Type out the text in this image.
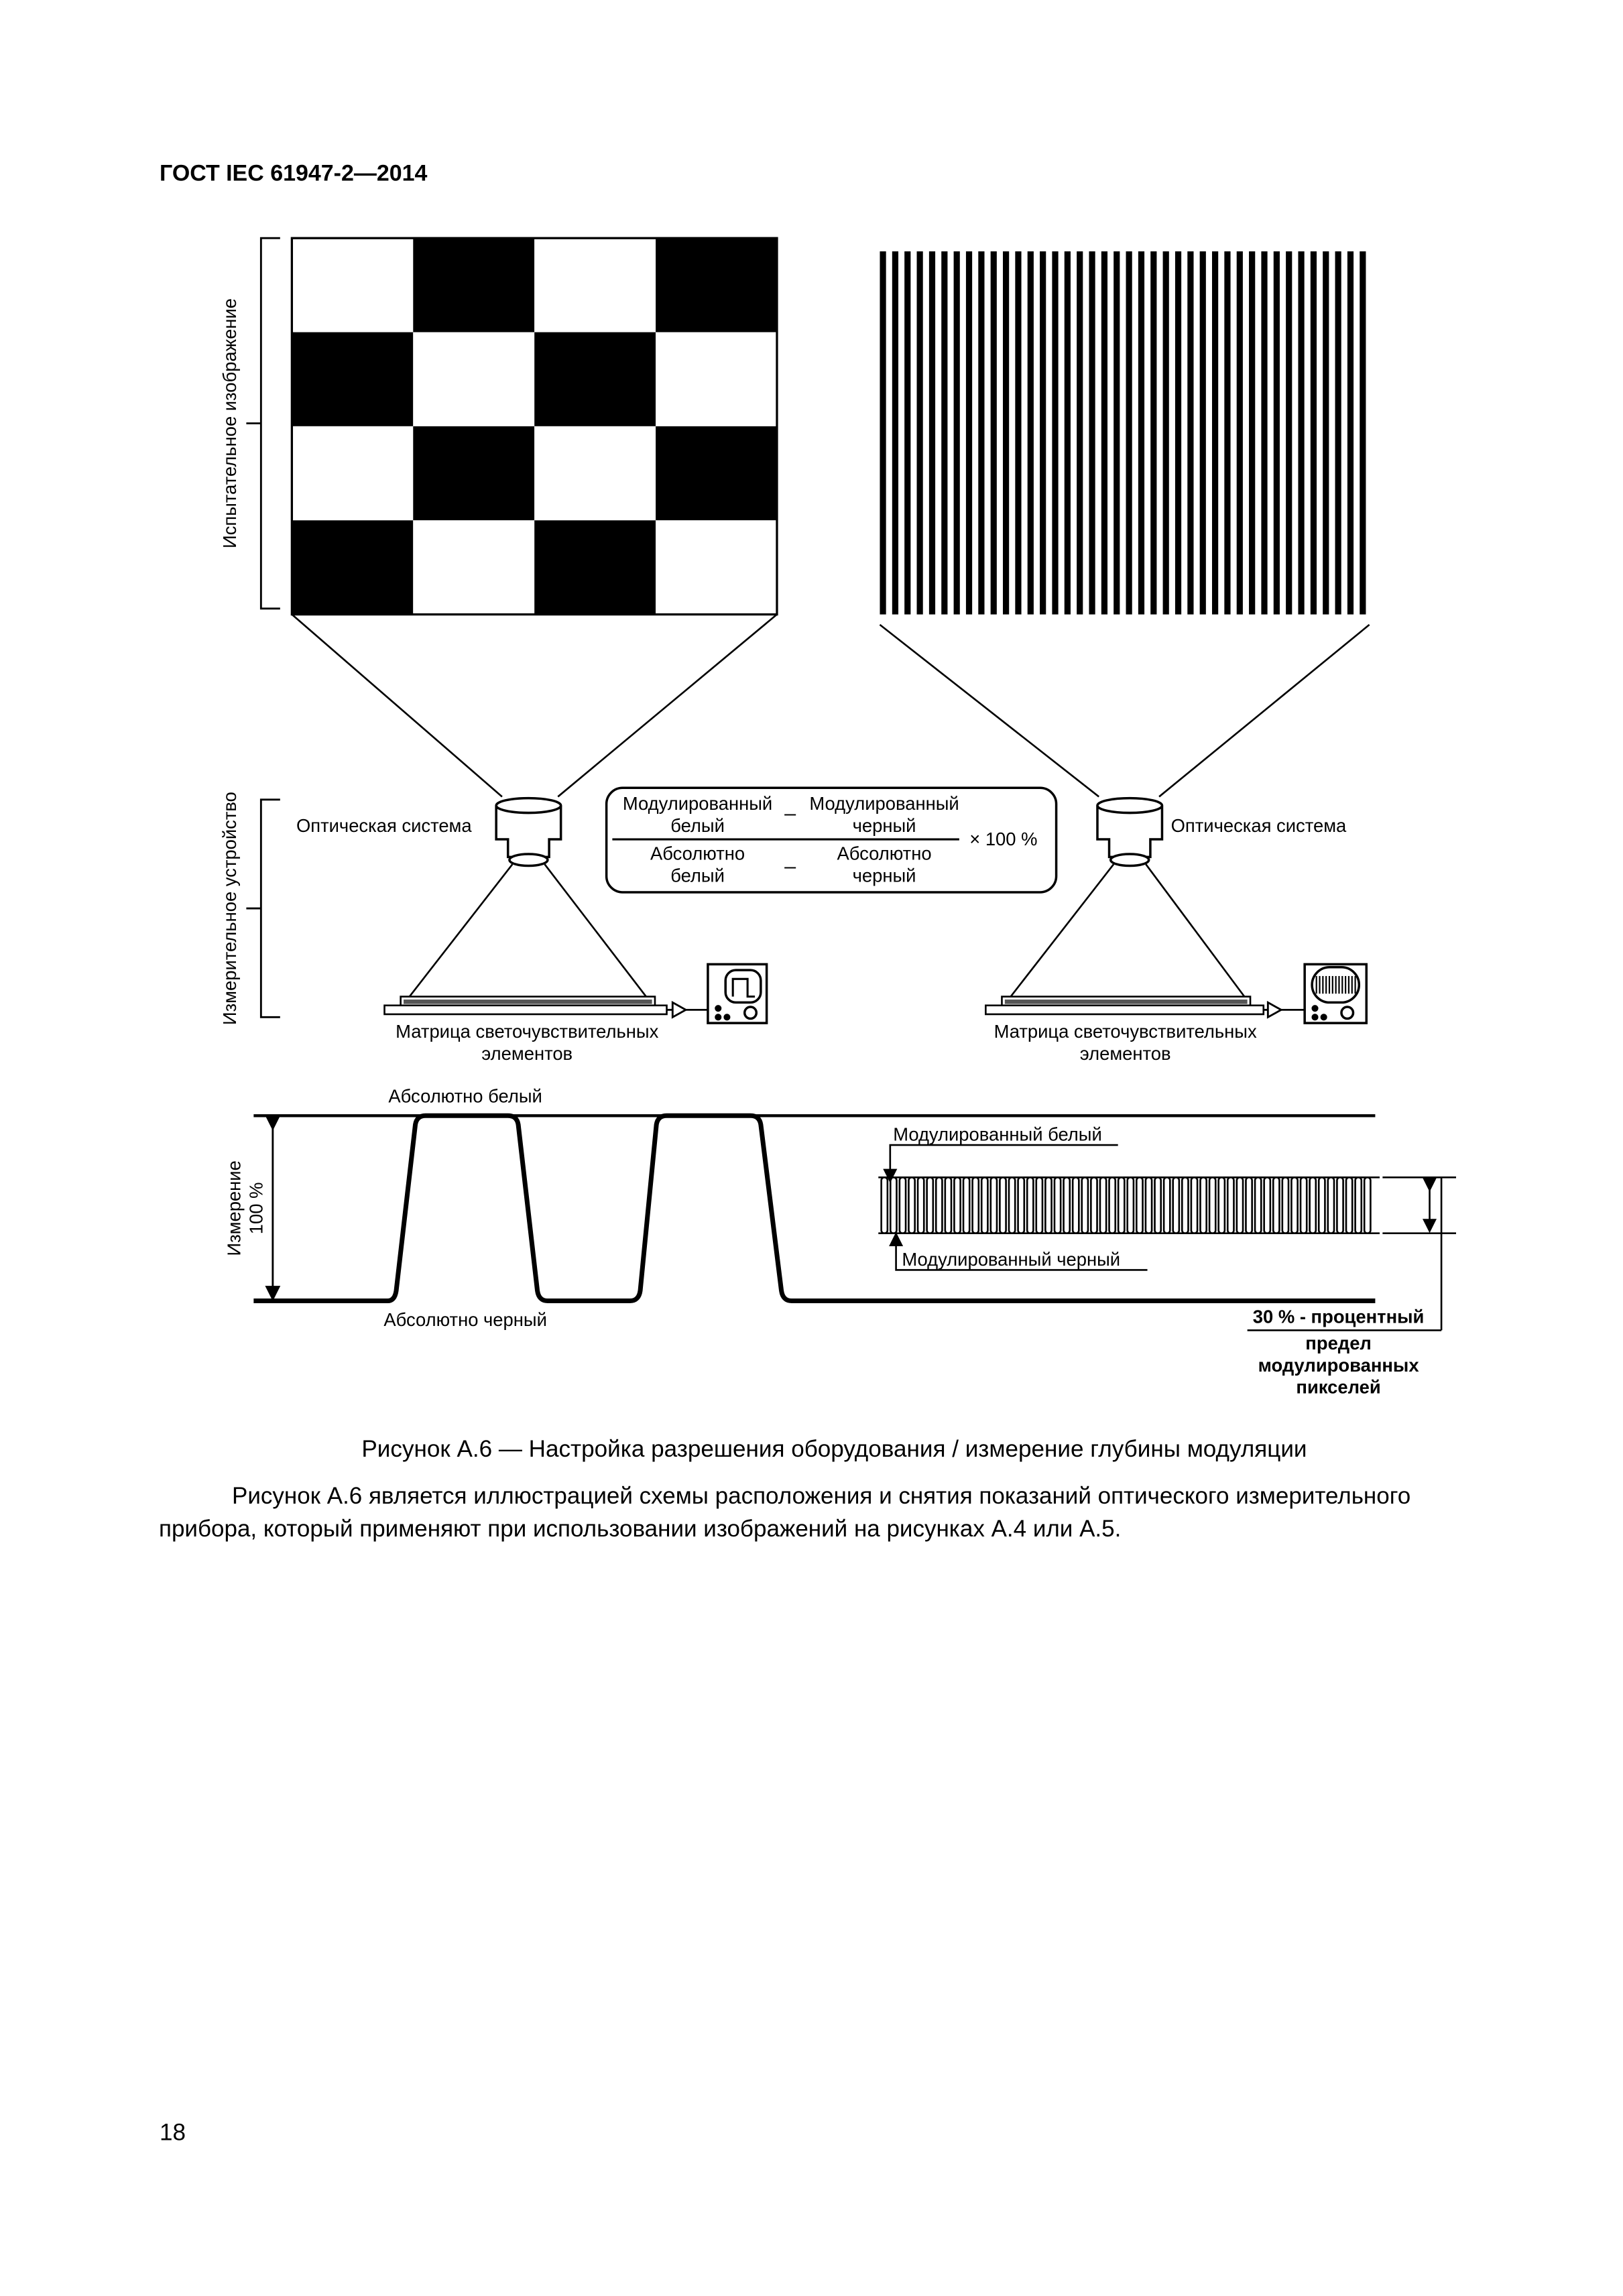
ГОСТ IEC 61947-2—2014
Испытательное изображение
Измерительное устройство	Оптическая система
Матрица светочувствительных
элементов
Модулированный
белый
– Модулированный
черный
Абсолютно
белый	–
Абсолютно
черный
× 100 %
Оптическая система
Матрица светочувствительных
элементов
Измерение 100 %
Абсолютно белый
Абсолютно черный
Модулированный белый
Модулированный черный
30 % - процентный
предел
модулированных
пикселей
Рисунок А.6 — Настройка разрешения оборудования / измерение глубины модуляции
18
Рисунок А.6 является иллюстрацией схемы расположения и снятия показаний оптического измерительного
прибора, который применяют при использовании изображений на рисунках А.4 или А.5.
